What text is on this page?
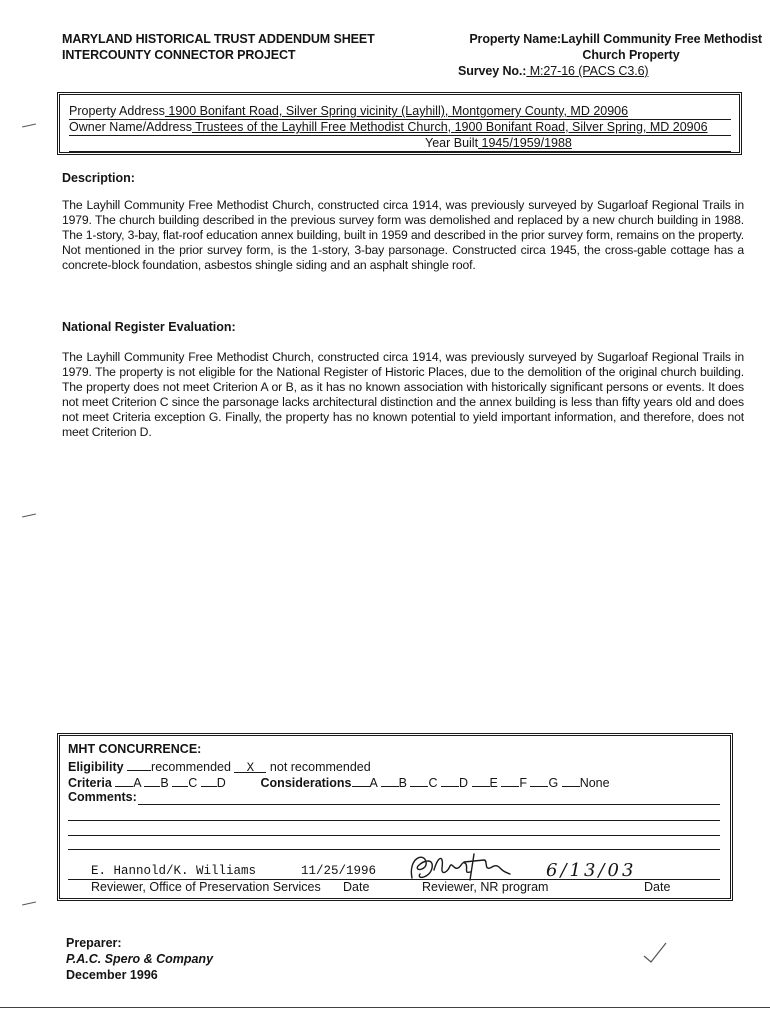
MARYLAND HISTORICAL TRUST ADDENDUM SHEET
INTERCOUNTY CONNECTOR PROJECT
Property Name:Layhill Community Free Methodist
Church Property
Survey No.: M:27-16 (PACS C3.6)
Property Address 1900 Bonifant Road, Silver Spring vicinity (Layhill), Montgomery County, MD 20906
Owner Name/Address Trustees of the Layhill Free Methodist Church, 1900 Bonifant Road, Silver Spring, MD 20906
Year Built 1945/1959/1988
Description:
The Layhill Community Free Methodist Church, constructed circa 1914, was previously surveyed by Sugarloaf Regional Trails in 1979. The church building described in the previous survey form was demolished and replaced by a new church building in 1988. The 1-story, 3-bay, flat-roof education annex building, built in 1959 and described in the prior survey form, remains on the property. Not mentioned in the prior survey form, is the 1-story, 3-bay parsonage. Constructed circa 1945, the cross-gable cottage has a concrete-block foundation, asbestos shingle siding and an asphalt shingle roof.
National Register Evaluation:
The Layhill Community Free Methodist Church, constructed circa 1914, was previously surveyed by Sugarloaf Regional Trails in 1979. The property is not eligible for the National Register of Historic Places, due to the demolition of the original church building. The property does not meet Criterion A or B, as it has no known association with historically significant persons or events. It does not meet Criterion C since the parsonage lacks architectural distinction and the annex building is less than fifty years old and does not meet Criteria exception G. Finally, the property has no known potential to yield important information, and therefore, does not meet Criterion D.
MHT CONCURRENCE:
Eligibility recommended X not recommended
Criteria A B C D	Considerations A B C D E F G None
Comments:
E. Hannold/K. Williams	11/25/1996	6/13/03
Reviewer, Office of Preservation Services Date	Reviewer, NR program	Date
Preparer:
P.A.C. Spero & Company
December 1996
